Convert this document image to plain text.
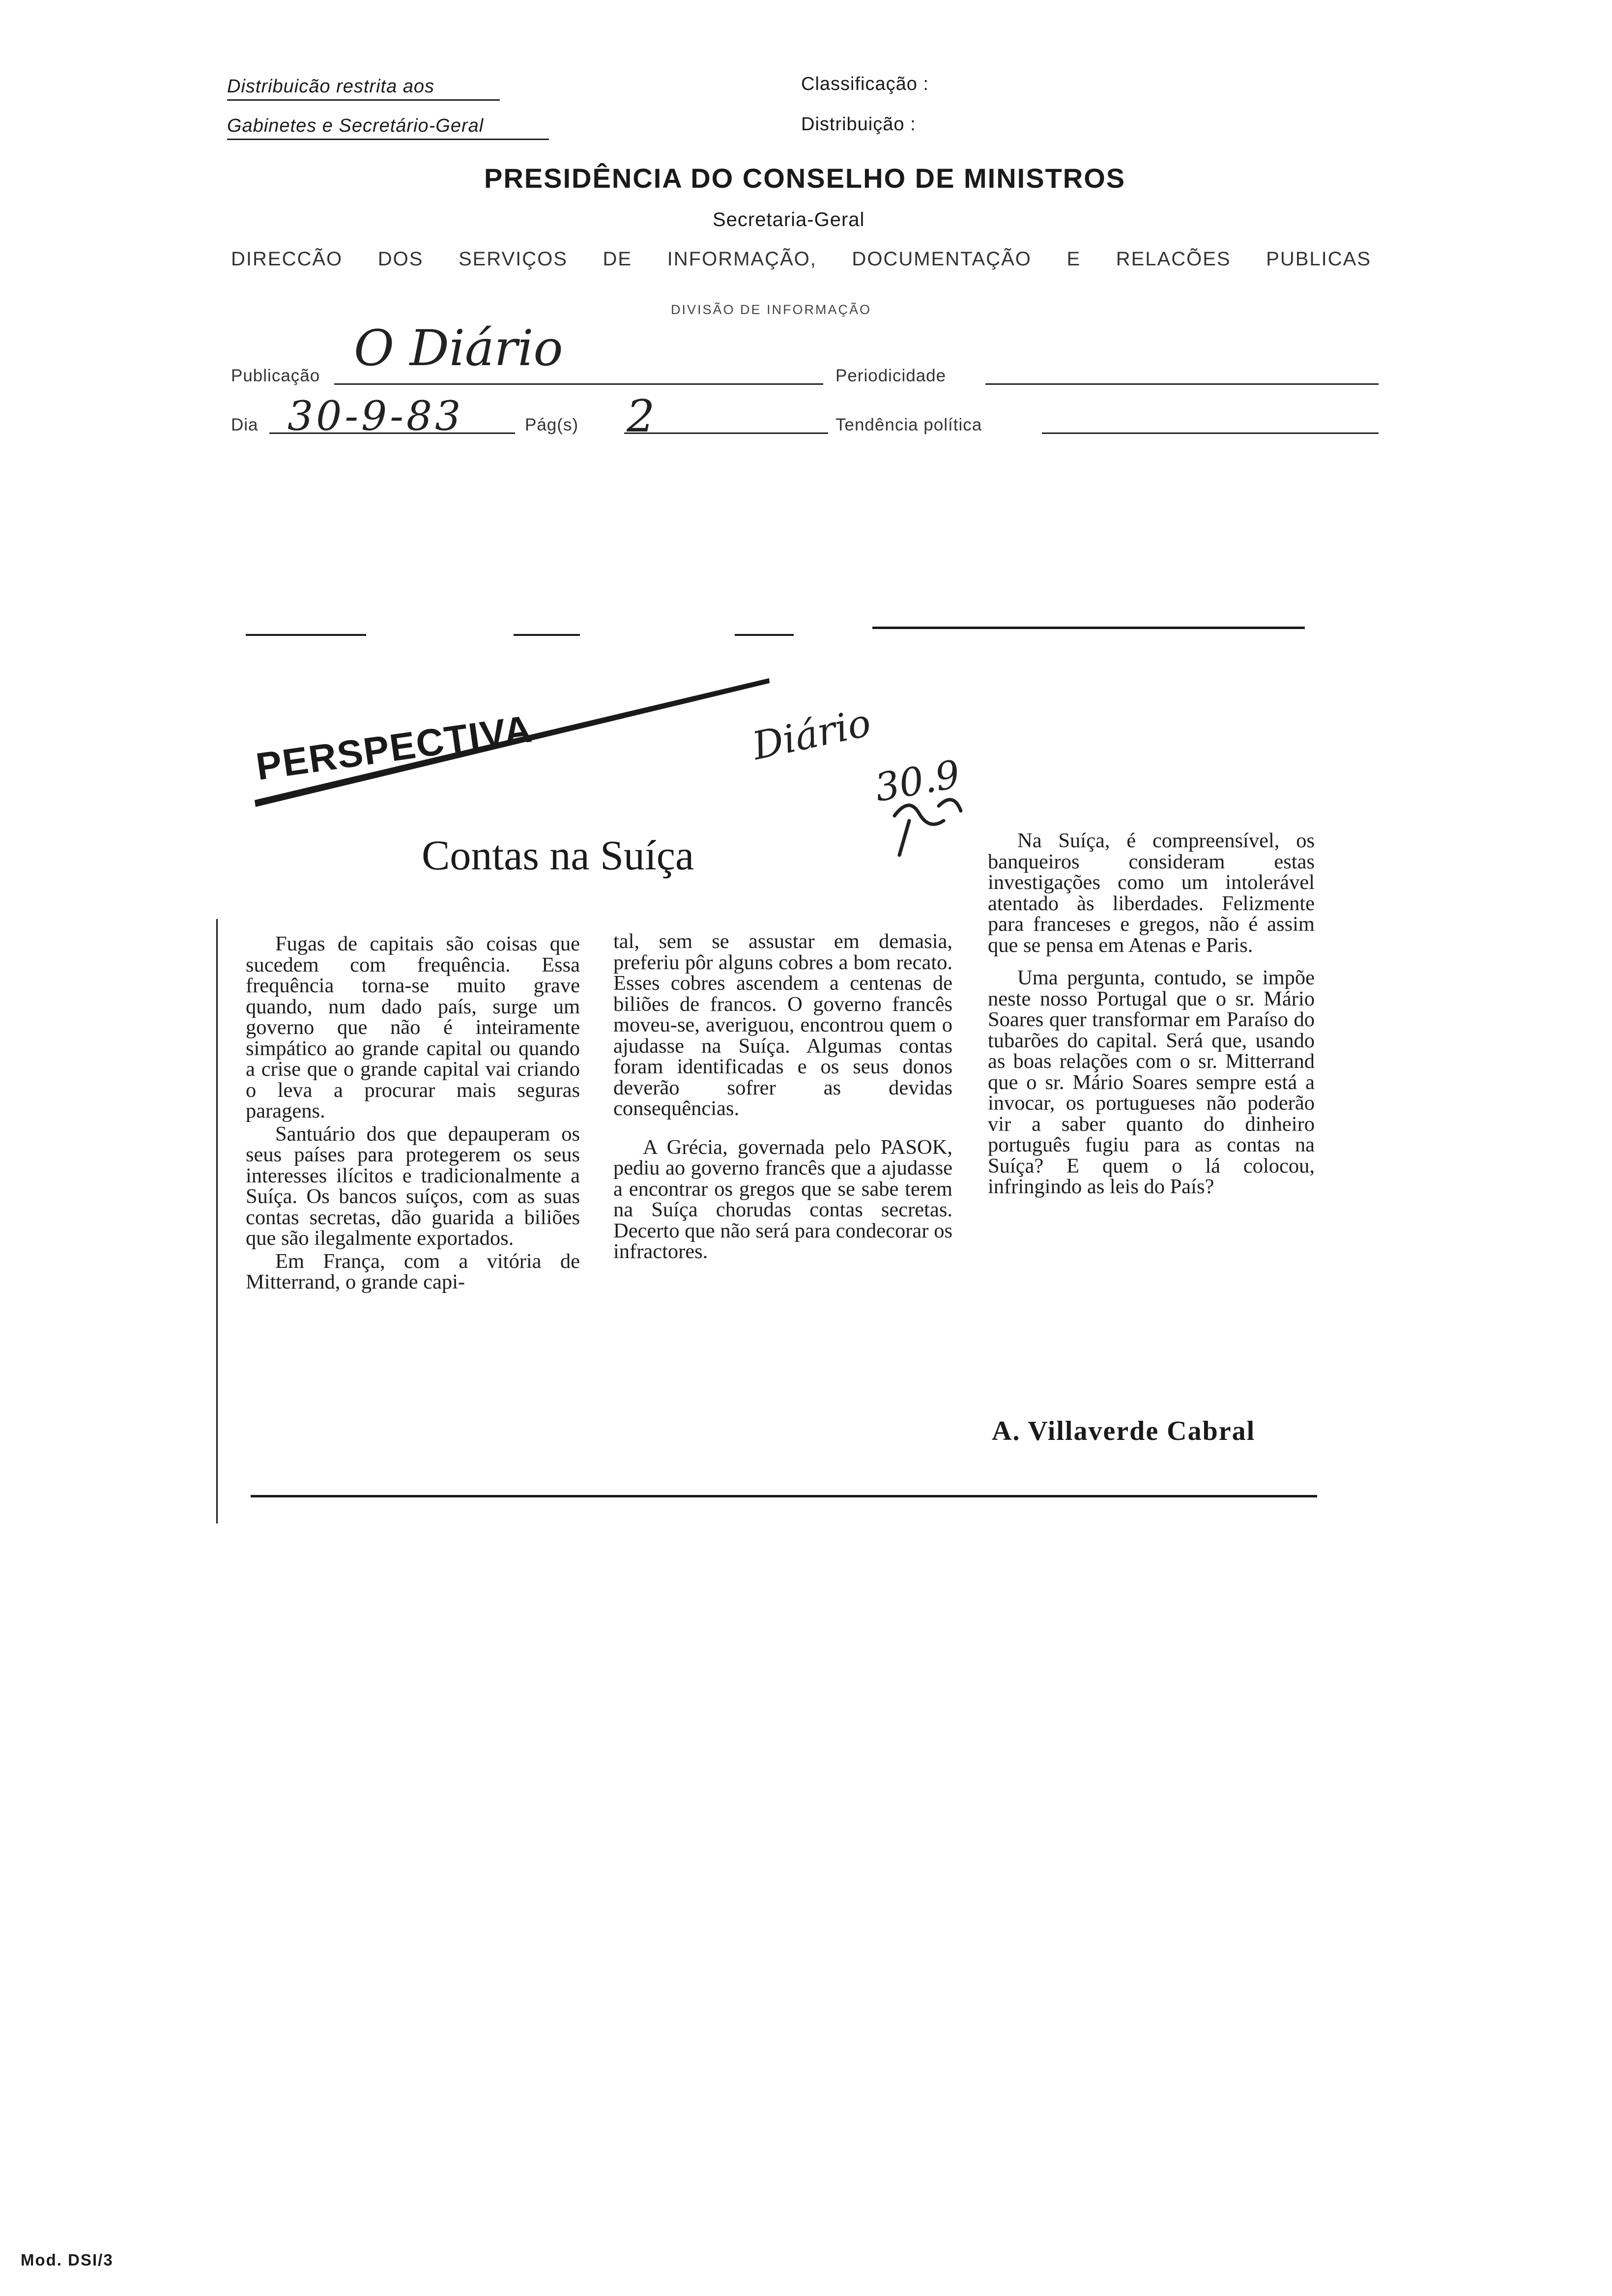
Distribuicão restrita aos
Gabinetes e Secretário-Geral
Classificação :
Distribuição :
PRESIDÊNCIA DO CONSELHO DE MINISTROS
Secretaria-Geral
DIRECCÃO DOS SERVIÇOS DE INFORMAÇÃO, DOCUMENTAÇÃO E RELACÕES PUBLICAS
DIVISÃO DE INFORMAÇÃO
Publicação O Diário	Periodicidade
Dia 30-9-83	Pág(s) 2	Tendência política
PERSPECTIVA	Diário
30.9
Contas na Suíça

Fugas de capitais são coisas que sucedem com frequência. Essa frequência torna-se muito grave quando, num dado país, surge um governo que não é inteiramente simpático ao grande capital ou quando a crise que o grande capital vai criando o leva a procurar mais seguras paragens.

Santuário dos que depauperam os seus países para protegerem os seus interesses ilícitos e tradicionalmente a Suíça. Os bancos suíços, com as suas contas secretas, dão guarida a biliões que são ilegalmente exportados.

Em França, com a vitória de Mitterrand, o grande capi-

tal, sem se assustar em demasia, preferiu pôr alguns cobres a bom recato. Esses cobres ascendem a centenas de biliões de francos. O governo francês moveu-se, averiguou, encontrou quem o ajudasse na Suíça. Algumas contas foram identificadas e os seus donos deverão sofrer as devidas consequências.

A Grécia, governada pelo PASOK, pediu ao governo francês que a ajudasse a encontrar os gregos que se sabe terem na Suíça chorudas contas secretas. Decerto que não será para condecorar os infractores.

Na Suíça, é compreensível, os banqueiros consideram estas investigações como um intolerável atentado às liberdades. Felizmente para franceses e gregos, não é assim que se pensa em Atenas e Paris.

Uma pergunta, contudo, se impõe neste nosso Portugal que o sr. Mário Soares quer transformar em Paraíso do tubarões do capital. Será que, usando as boas relações com o sr. Mitterrand que o sr. Mário Soares sempre está a invocar, os portugueses não poderão vir a saber quanto do dinheiro português fugiu para as contas na Suíça? E quem o lá colocou, infringindo as leis do País?

A. Villaverde Cabral
Mod. DSI/3
